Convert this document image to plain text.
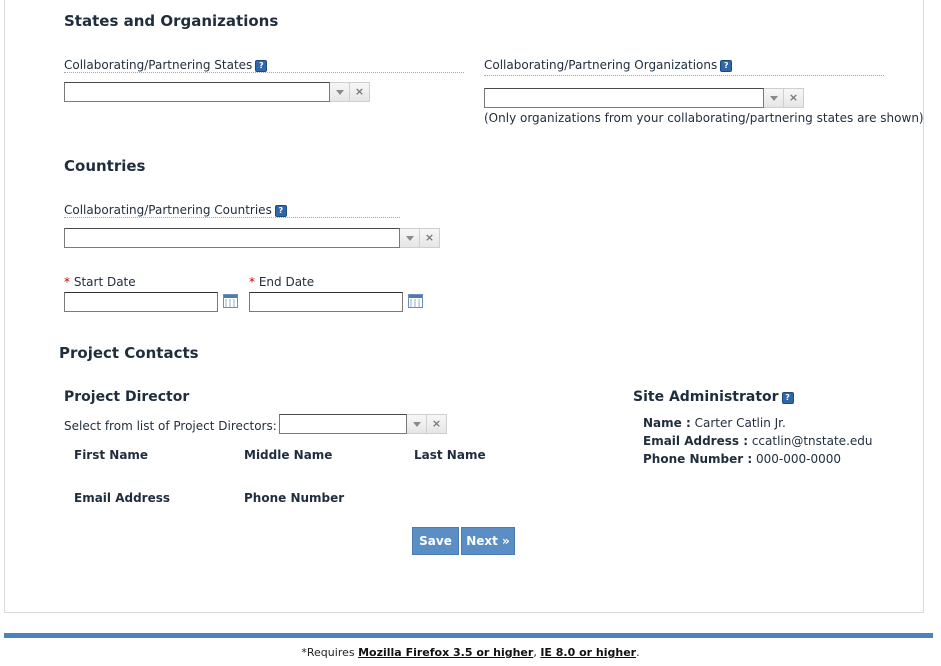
States and Organizations
Collaborating/Partnering States ?
×
Collaborating/Partnering Organizations ?
×
(Only organizations from your collaborating/partnering states are shown)
Countries
Collaborating/Partnering Countries ?
×
* Start Date	* End Date
Project Contacts
Project Director
Select from list of Project Directors:	×
First Name	Middle Name	Last Name
Email Address	Phone Number
Site Administrator ?
Name : Carter Catlin Jr.
Email Address : ccatlin@tnstate.edu
Phone Number : 000-000-0000
Save	Next »
*Requires Mozilla Firefox 3.5 or higher, IE 8.0 or higher.
